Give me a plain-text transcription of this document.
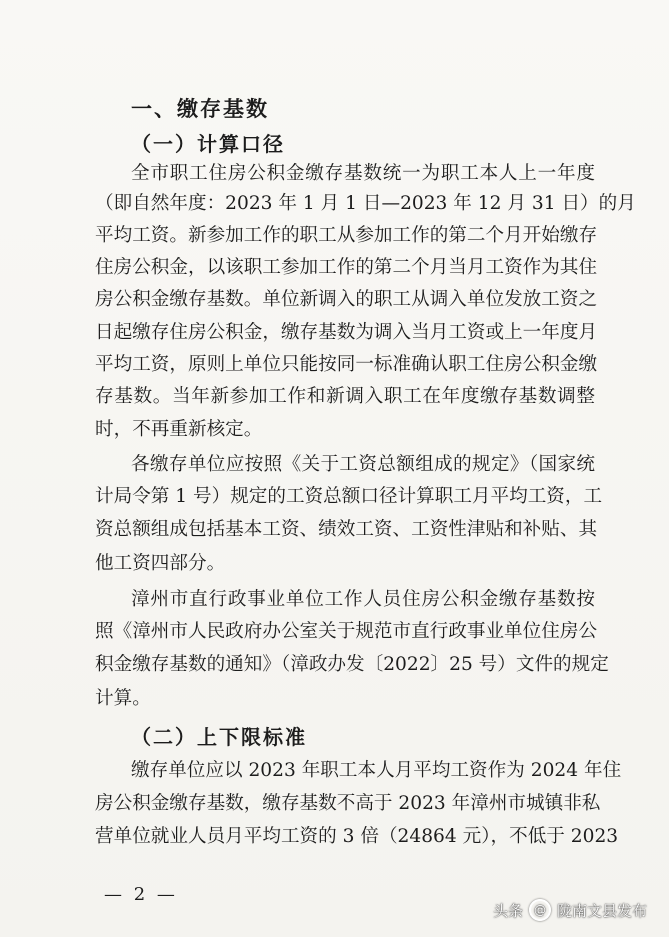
一、缴存基数
（一）计算口径
全市职工住房公积金缴存基数统一为职工本人上一年度
（即自然年度：2023 年 1 月 1 日—2023 年 12 月 31 日）的月
平均工资。新参加工作的职工从参加工作的第二个月开始缴存
住房公积金，以该职工参加工作的第二个月当月工资作为其住
房公积金缴存基数。单位新调入的职工从调入单位发放工资之
日起缴存住房公积金，缴存基数为调入当月工资或上一年度月
平均工资，原则上单位只能按同一标准确认职工住房公积金缴
存基数。当年新参加工作和新调入职工在年度缴存基数调整
时，不再重新核定。
各缴存单位应按照《关于工资总额组成的规定》（国家统
计局令第 1 号）规定的工资总额口径计算职工月平均工资，工
资总额组成包括基本工资、绩效工资、工资性津贴和补贴、其
他工资四部分。
漳州市直行政事业单位工作人员住房公积金缴存基数按
照《漳州市人民政府办公室关于规范市直行政事业单位住房公
积金缴存基数的通知》（漳政办发〔2022〕25 号）文件的规定
计算。
（二）上下限标准
缴存单位应以 2023 年职工本人月平均工资作为 2024 年住
房公积金缴存基数，缴存基数不高于 2023 年漳州市城镇非私
营单位就业人员月平均工资的 3 倍（24864 元），不低于 2023
— 2 —
头条 @ 陇南文县发布
